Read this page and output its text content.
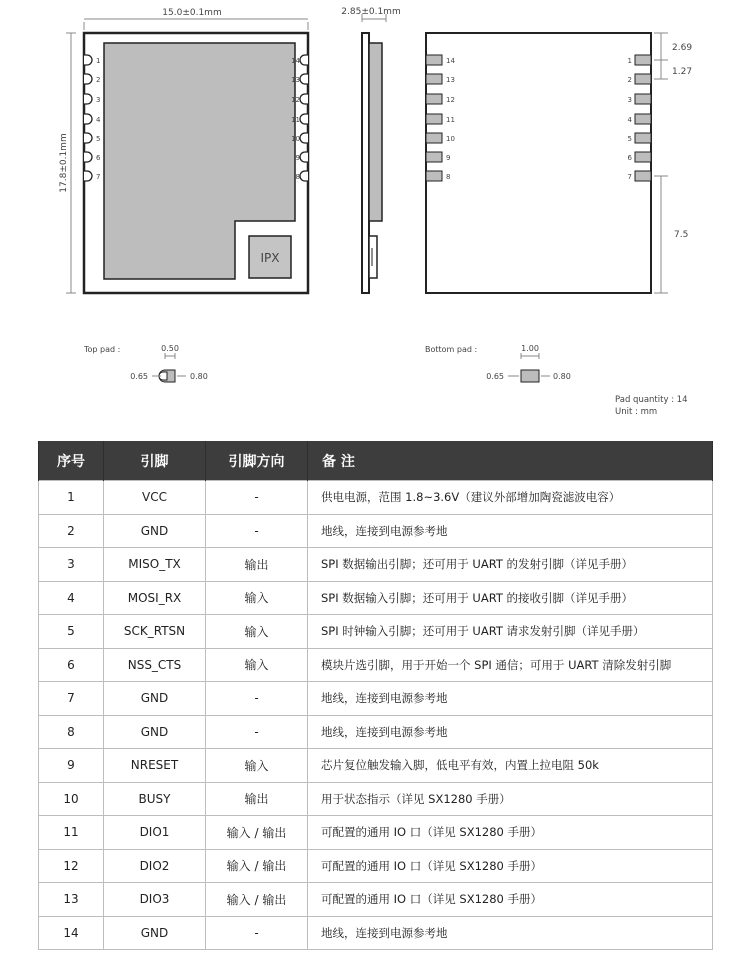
15.0±0.1mm
17.8±0.1mm
IPX
1
2
3
4
5
6
7
14
13
12
11
10
9
8
2.85±0.1mm
14
13
12
11
10
9
8
1
2
3
4
5
6
7
2.69
1.27
7.5
Top pad :	0.50
0.65	0.80
Bottom pad :	1.00
0.65	0.80
Pad quantity : 14
Unit : mm
序号	引脚	引脚方向	备 注
1	VCC	-	供电电源，范围 1.8~3.6V（建议外部增加陶瓷滤波电容）
2	GND	-	地线，连接到电源参考地
3	MISO_TX	输出	SPI 数据输出引脚；还可用于 UART 的发射引脚（详见手册）
4	MOSI_RX	输入	SPI 数据输入引脚；还可用于 UART 的接收引脚（详见手册）
5	SCK_RTSN	输入	SPI 时钟输入引脚；还可用于 UART 请求发射引脚（详见手册）
6	NSS_CTS	输入	模块片选引脚，用于开始一个 SPI 通信；可用于 UART 清除发射引脚
7	GND	-	地线，连接到电源参考地
8	GND	-	地线，连接到电源参考地
9	NRESET	输入	芯片复位触发输入脚，低电平有效，内置上拉电阻 50k
10	BUSY	输出	用于状态指示（详见 SX1280 手册）
11	DIO1	输入 / 输出	可配置的通用 IO 口（详见 SX1280 手册）
12	DIO2	输入 / 输出	可配置的通用 IO 口（详见 SX1280 手册）
13	DIO3	输入 / 输出	可配置的通用 IO 口（详见 SX1280 手册）
14	GND	-	地线，连接到电源参考地
